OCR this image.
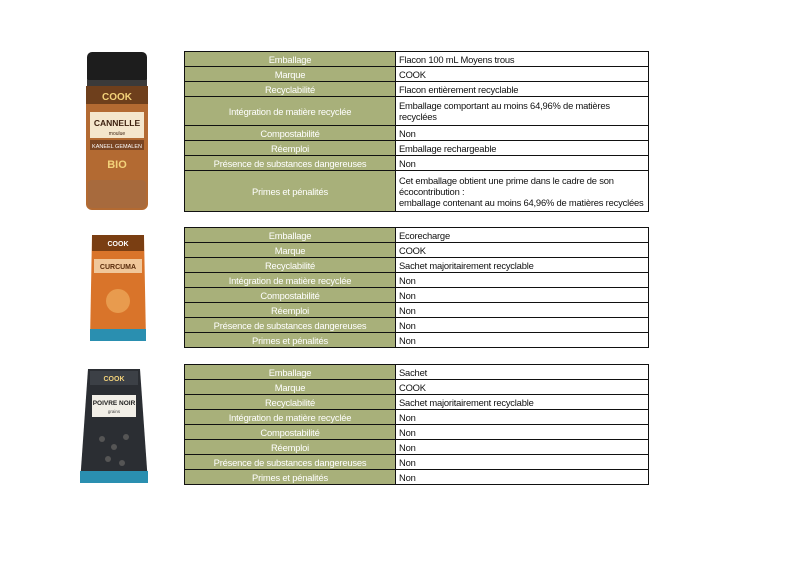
COOK
CANNELLE
moulue
KANEEL GEMALEN
BIO
Emballage	Flacon 100 mL Moyens trous

Marque	COOK

Recyclabilité	Flacon entièrement recyclable

Intégration de matière recyclée	Emballage comportant au moins 64,96% de matières
recyclées

Compostabilité	Non

Réemploi	Emballage rechargeable

Présence de substances dangereuses	Non

Primes et pénalités	Cet emballage obtient une prime dans le cadre de son
écocontribution :
emballage contenant au moins 64,96% de matières recyclées
COOK
CURCUMA
Emballage	Ecorecharge

Marque	COOK

Recyclabilité	Sachet majoritairement recyclable

Intégration de matière recyclée	Non

Compostabilité	Non

Réemploi	Non

Présence de substances dangereuses	Non

Primes et pénalités	Non
COOK
POIVRE NOIR
grains
Emballage	Sachet

Marque	COOK

Recyclabilité	Sachet majoritairement recyclable

Intégration de matière recyclée	Non

Compostabilité	Non

Réemploi	Non

Présence de substances dangereuses	Non

Primes et pénalités	Non
